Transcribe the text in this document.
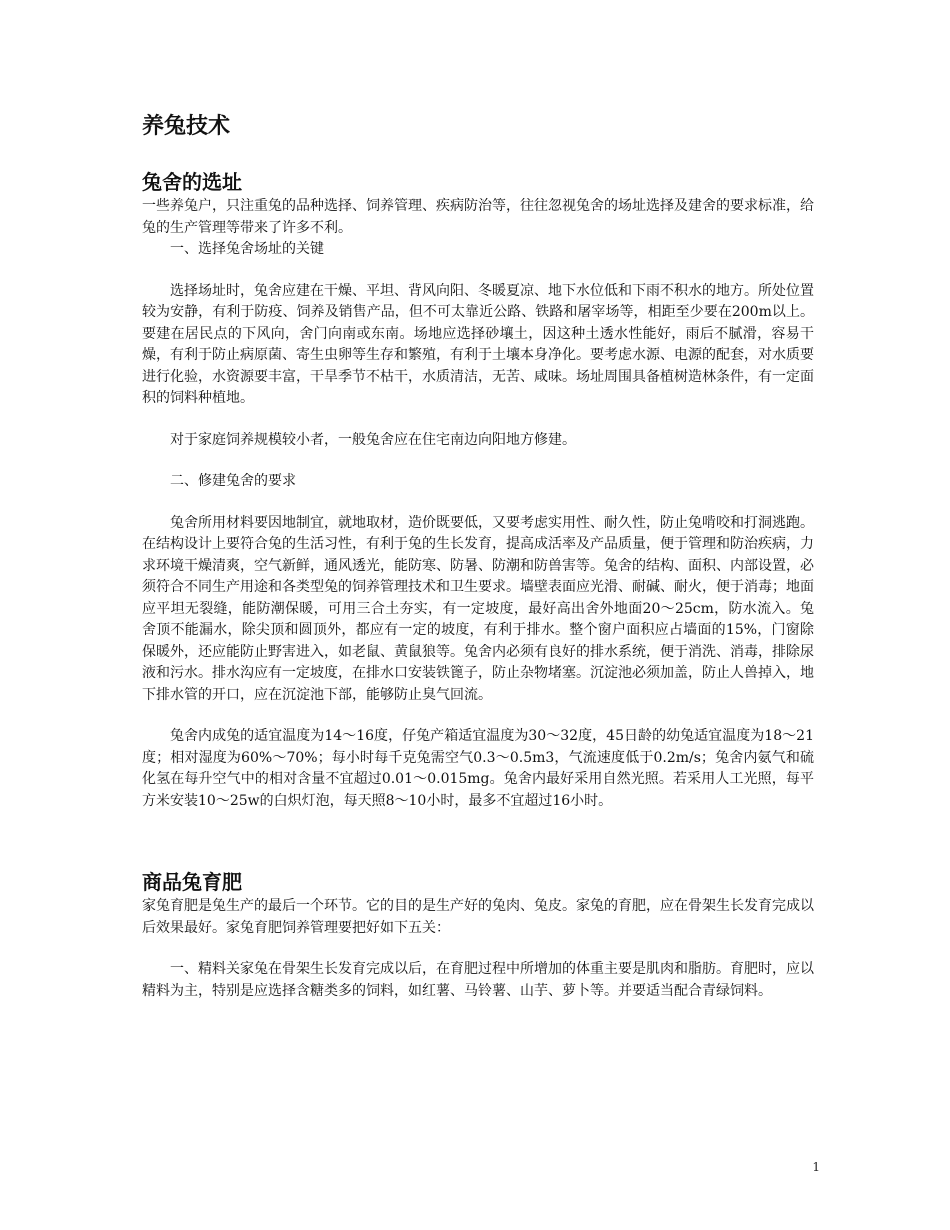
养兔技术
兔舍的选址

一些养兔户，只注重兔的品种选择、饲养管理、疾病防治等，往往忽视兔舍的场址选择及建舍的要求标准，给兔的生产管理等带来了许多不利。

一、选择兔舍场址的关键

选择场址时，兔舍应建在干燥、平坦、背风向阳、冬暖夏凉、地下水位低和下雨不积水的地方。所处位置较为安静，有利于防疫、饲养及销售产品，但不可太靠近公路、铁路和屠宰场等，相距至少要在200m以上。要建在居民点的下风向，舍门向南或东南。场地应选择砂壤土，因这种土透水性能好，雨后不腻滑，容易干燥，有利于防止病原菌、寄生虫卵等生存和繁殖，有利于土壤本身净化。要考虑水源、电源的配套，对水质要进行化验，水资源要丰富，干旱季节不枯干，水质清洁，无苦、咸味。场址周围具备植树造林条件，有一定面积的饲料种植地。

对于家庭饲养规模较小者，一般兔舍应在住宅南边向阳地方修建。

二、修建兔舍的要求

兔舍所用材料要因地制宜，就地取材，造价既要低，又要考虑实用性、耐久性，防止兔啃咬和打洞逃跑。在结构设计上要符合兔的生活习性，有利于兔的生长发育，提高成活率及产品质量，便于管理和防治疾病，力求环境干燥清爽，空气新鲜，通风透光，能防寒、防暑、防潮和防兽害等。兔舍的结构、面积、内部设置，必须符合不同生产用途和各类型兔的饲养管理技术和卫生要求。墙壁表面应光滑、耐碱、耐火，便于消毒；地面应平坦无裂缝，能防潮保暖，可用三合土夯实，有一定坡度，最好高出舍外地面20～25cm，防水流入。兔舍顶不能漏水，除尖顶和圆顶外，都应有一定的坡度，有利于排水。整个窗户面积应占墙面的15%，门窗除保暖外，还应能防止野害进入，如老鼠、黄鼠狼等。兔舍内必须有良好的排水系统，便于消洗、消毒，排除尿液和污水。排水沟应有一定坡度，在排水口安装铁篦子，防止杂物堵塞。沉淀池必须加盖，防止人兽掉入，地下排水管的开口，应在沉淀池下部，能够防止臭气回流。

兔舍内成兔的适宜温度为14～16度，仔兔产箱适宜温度为30～32度，45日龄的幼兔适宜温度为18～21度；相对湿度为60%～70%；每小时每千克兔需空气0.3～0.5m3，气流速度低于0.2m/s；兔舍内氨气和硫化氢在每升空气中的相对含量不宜超过0.01～0.015mg。兔舍内最好采用自然光照。若采用人工光照，每平方米安装10～25w的白炽灯泡，每天照8～10小时，最多不宜超过16小时。

商品兔育肥

家兔育肥是兔生产的最后一个环节。它的目的是生产好的兔肉、兔皮。家兔的育肥，应在骨架生长发育完成以后效果最好。家兔育肥饲养管理要把好如下五关：

一、精料关家兔在骨架生长发育完成以后，在育肥过程中所增加的体重主要是肌肉和脂肪。育肥时，应以精料为主，特别是应选择含糖类多的饲料，如红薯、马铃薯、山芋、萝卜等。并要适当配合青绿饲料。

1
